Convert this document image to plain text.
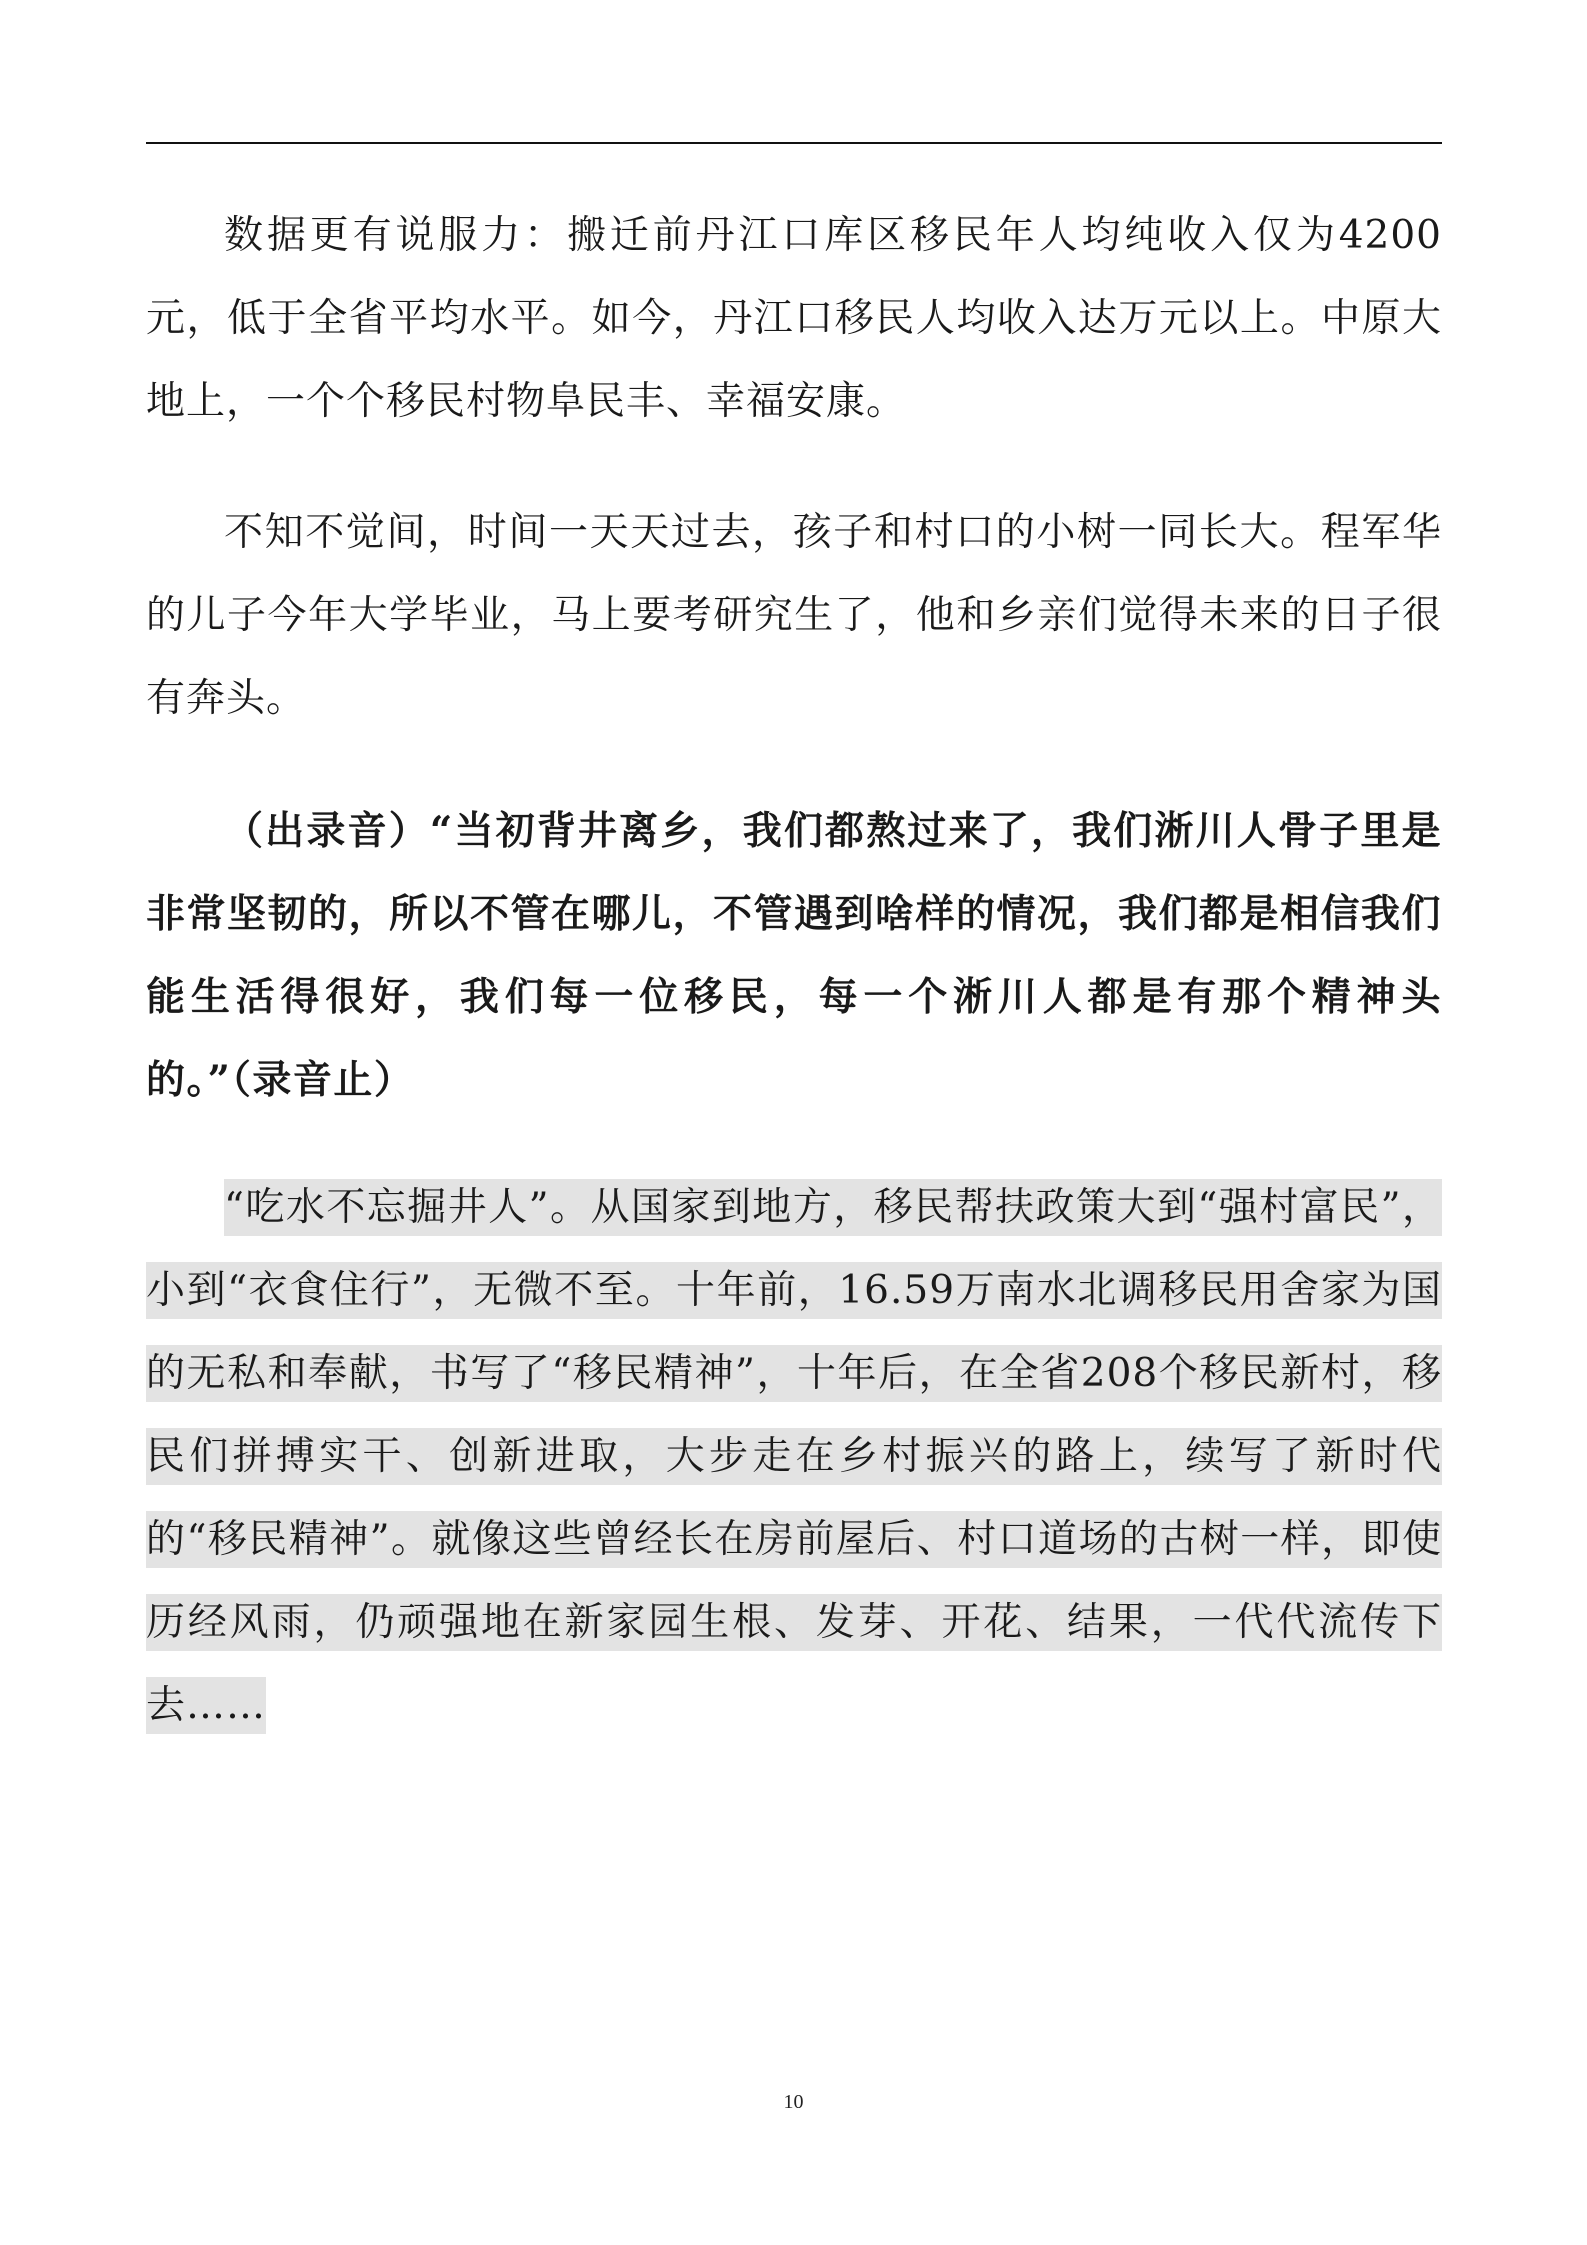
数据更有说服力：搬迁前丹江口库区移民年人均纯收入仅为4200元，低于全省平均水平。如今，丹江口移民人均收入达万元以上。中原大地上，一个个移民村物阜民丰、幸福安康。

不知不觉间，时间一天天过去，孩子和村口的小树一同长大。程军华的儿子今年大学毕业，马上要考研究生了，他和乡亲们觉得未来的日子很有奔头。

（出录音）“当初背井离乡，我们都熬过来了，我们淅川人骨子里是非常坚韧的，所以不管在哪儿，不管遇到啥样的情况，我们都是相信我们能生活得很好，我们每一位移民，每一个淅川人都是有那个精神头的。”（录音止）

“吃水不忘掘井人”。从国家到地方，移民帮扶政策大到“强村富民”，小到“衣食住行”，无微不至。十年前，16.59万南水北调移民用舍家为国的无私和奉献，书写了“移民精神”，十年后，在全省208个移民新村，移民们拼搏实干、创新进取，大步走在乡村振兴的路上，续写了新时代的“移民精神”。就像这些曾经长在房前屋后、村口道场的古树一样，即使历经风雨，仍顽强地在新家园生根、发芽、开花、结果，一代代流传下去……

10
